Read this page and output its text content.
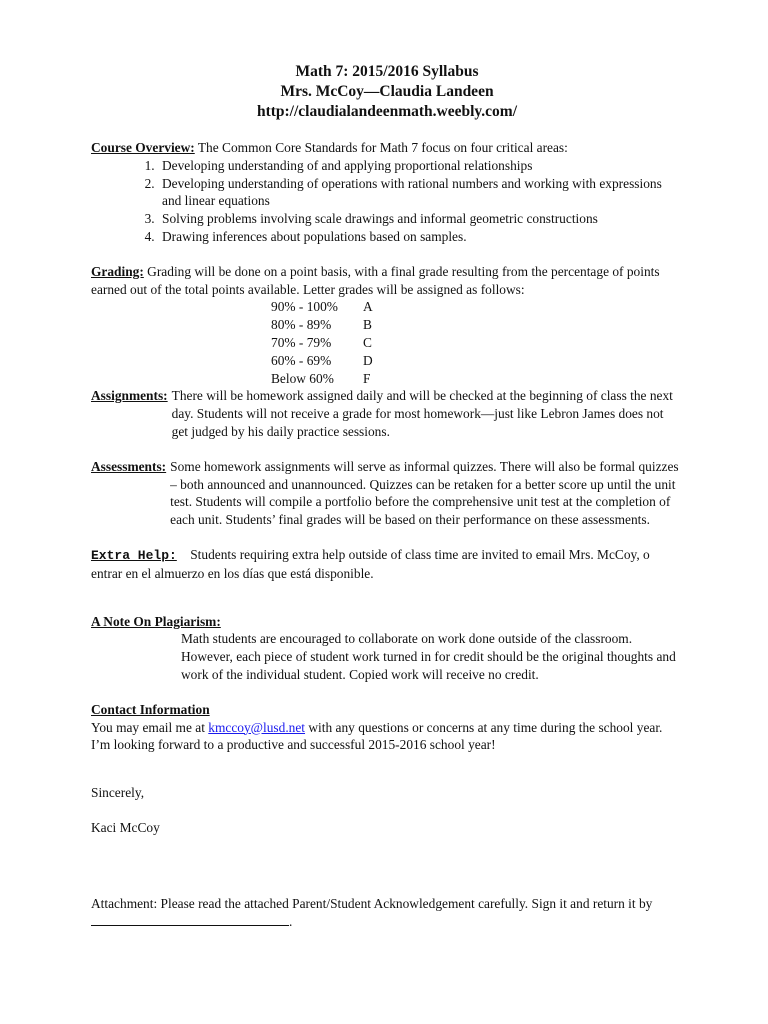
Math 7: 2015/2016 Syllabus
Mrs. McCoy—Claudia Landeen
http://claudialandeenmath.weebly.com/

Course Overview: The Common Core Standards for Math 7 focus on four critical areas:

1. Developing understanding of and applying proportional relationships
2. Developing understanding of operations with rational numbers and working with expressions and linear equations
3. Solving problems involving scale drawings and informal geometric constructions
4. Drawing inferences about populations based on samples.

Grading: Grading will be done on a point basis, with a final grade resulting from the percentage of points earned out of the total points available. Letter grades will be assigned as follows:

90% - 100%	A
80% - 89%	B
70% - 79%	C
60% - 69%	D
Below 60%	F
Assignments: There will be homework assigned daily and will be checked at the beginning of class the next day. Students will not receive a grade for most homework—just like Lebron James does not get judged by his daily practice sessions.
Assessments: Some homework assignments will serve as informal quizzes. There will also be formal quizzes – both announced and unannounced. Quizzes can be retaken for a better score up until the unit test. Students will compile a portfolio before the comprehensive unit test at the completion of each unit. Students’ final grades will be based on their performance on these assessments.

Extra Help: Students requiring extra help outside of class time are invited to email Mrs. McCoy, o entrar en el almuerzo en los días que está disponible.

A Note On Plagiarism:

Math students are encouraged to collaborate on work done outside of the classroom. However, each piece of student work turned in for credit should be the original thoughts and work of the individual student. Copied work will receive no credit.

Contact Information

You may email me at kmccoy@lusd.net with any questions or concerns at any time during the school year. I’m looking forward to a productive and successful 2015-2016 school year!

Sincerely,

Kaci McCoy

Attachment: Please read the attached Parent/Student Acknowledgement carefully. Sign it and return it by .
